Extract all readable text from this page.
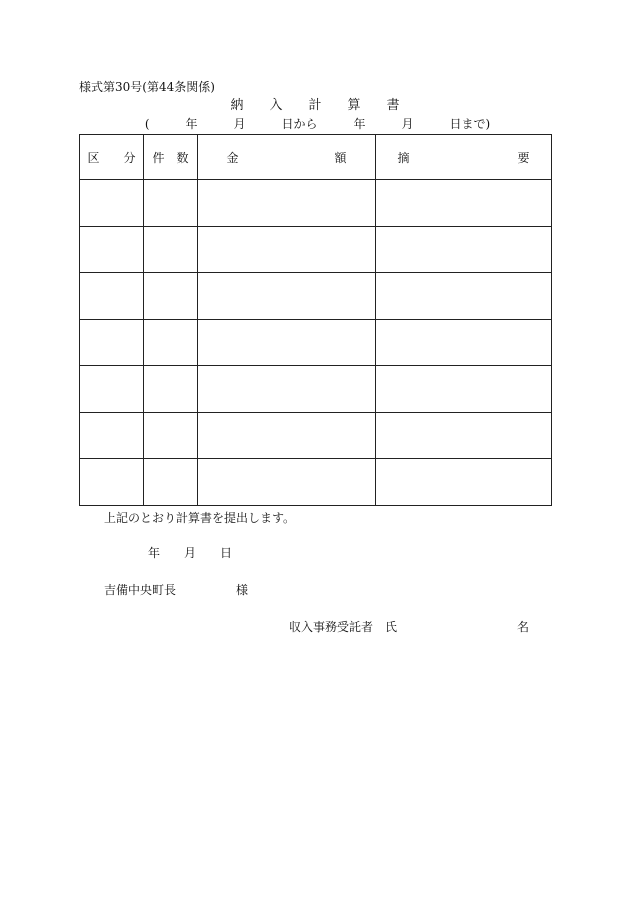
様式第30号(第44条関係)
納　　入　　計　　算　　書
(　　　年　　　月　　　日から　　　年　　　月　　　日まで)
区　　分	件　数	金　　　　　　　　額	摘　　　　　　　　　要

上記のとおり計算書を提出します。
年　　月　　日
吉備中央町長　　　　　様
収入事務受託者　氏　　　　　　　　　　名
